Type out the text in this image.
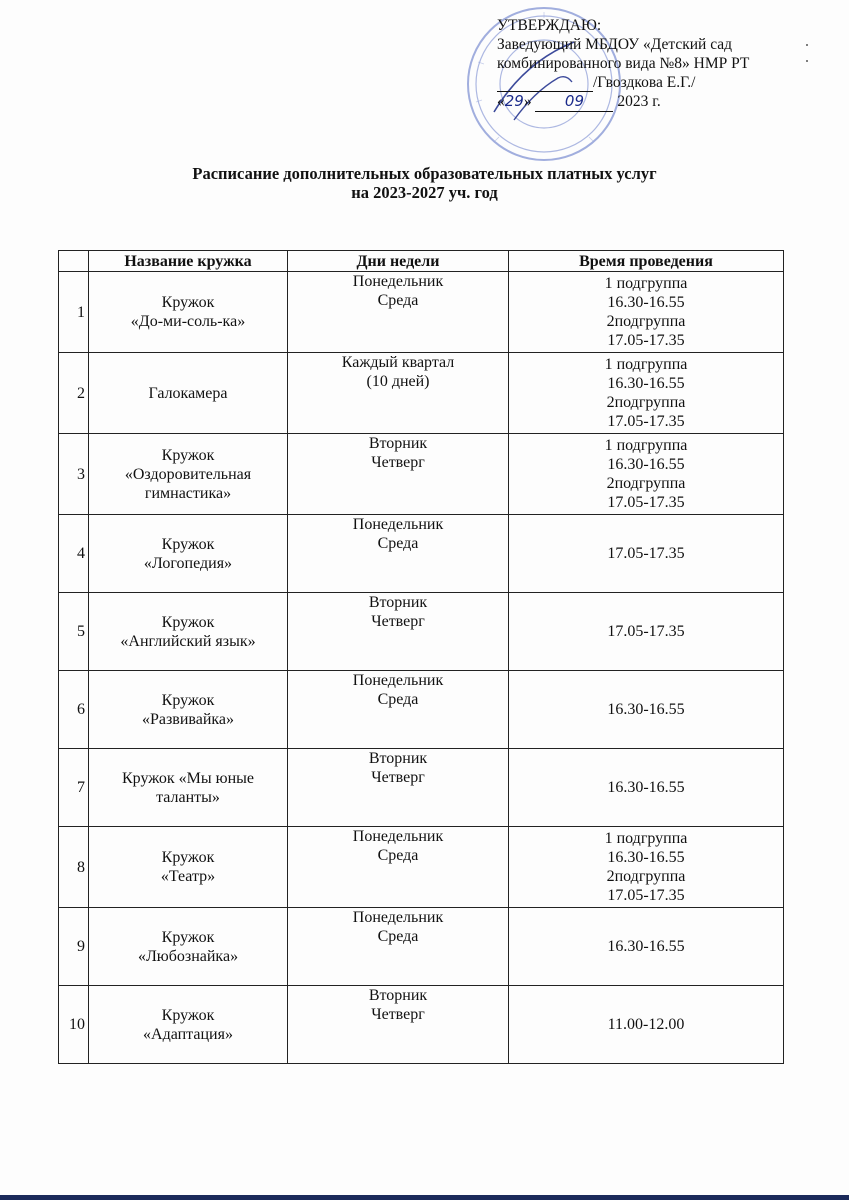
УТВЕРЖДАЮ:
Заведующий МБДОУ «Детский сад
комбинированного вида №8» НМР РТ
/Гвоздкова Е.Г./
«29» 09 2023 г.
Расписание дополнительных образовательных платных услуг
на 2023-2027 уч. год
	Название кружка	Дни недели	Время проведения
1	Кружок
«До-ми-соль-ка»	Понедельник
Среда	1 подгруппа
16.30-16.55
2подгруппа
17.05-17.35

2	Галокамера	Каждый квартал
(10 дней)	1 подгруппа
16.30-16.55
2подгруппа
17.05-17.35

3	Кружок
«Оздоровительная
гимнастика»	Вторник
Четверг	1 подгруппа
16.30-16.55
2подгруппа
17.05-17.35

4	Кружок
«Логопедия»	Понедельник
Среда	17.05-17.35

5	Кружок
«Английский язык»	Вторник
Четверг	17.05-17.35

6	Кружок
«Развивайка»	Понедельник
Среда	16.30-16.55

7	Кружок «Мы юные
таланты»	Вторник
Четверг	16.30-16.55

8	Кружок
«Театр»	Понедельник
Среда	1 подгруппа
16.30-16.55
2подгруппа
17.05-17.35

9	Кружок
«Любознайка»	Понедельник
Среда	16.30-16.55

10	Кружок
«Адаптация»	Вторник
Четверг	11.00-12.00
